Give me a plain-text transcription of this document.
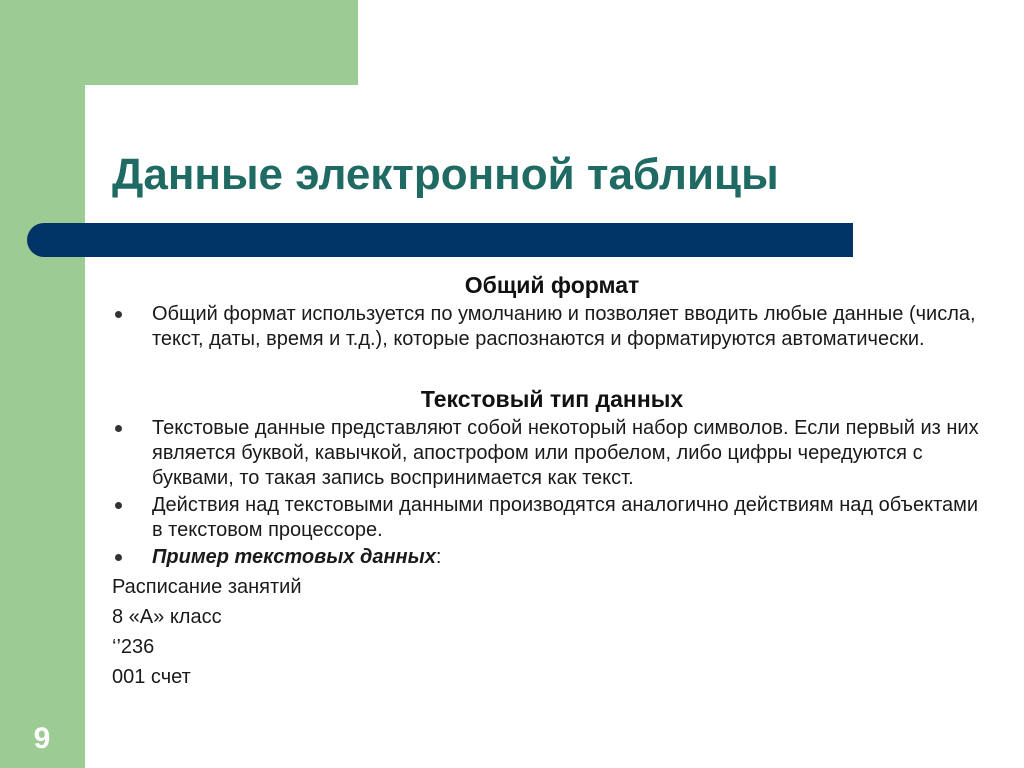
9
Данные электронной таблицы

Общий формат

Общий формат используется по умолчанию и позволяет вводить любые данные (числа, текст, даты, время и т.д.), которые распознаются и форматируются автоматически.

Текстовый тип данных

Текстовые данные представляют собой некоторый набор символов. Если первый из них является буквой, кавычкой, апострофом или пробелом, либо цифры чередуются с буквами, то такая запись воспринимается как текст.
Действия над текстовыми данными производятся аналогично действиям над объектами в текстовом процессоре.
Пример текстовых данных:
Расписание занятий
8 «А» класс
‘’236
001 счет
